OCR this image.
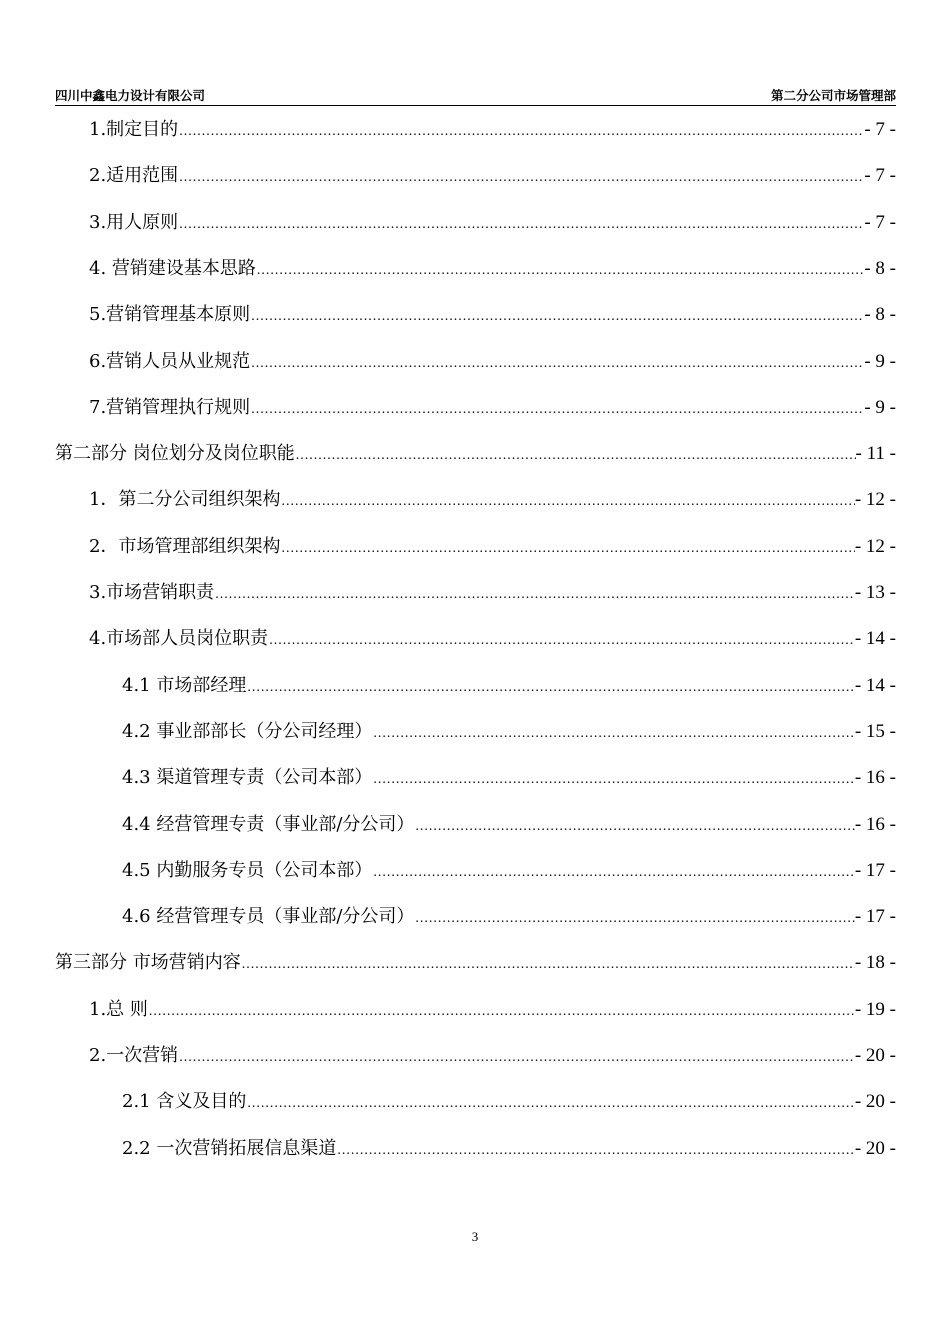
四川中鑫电力设计有限公司	第二分公司市场管理部
1.制定目的 .....	- 7 -
2.适用范围 .....	- 7 -
3.用人原则 .....	- 7 -
4. 营销建设基本思路 .....	- 8 -
5.营销管理基本原则 .....	- 8 -
6.营销人员从业规范 .....	- 9 -
7.营销管理执行规则 .....	- 9 -
第二部分 岗位划分及岗位职能 .....	- 11 -
1．第二分公司组织架构 .....	- 12 -
2．市场管理部组织架构 .....	- 12 -
3.市场营销职责 .....	- 13 -
4.市场部人员岗位职责 .....	- 14 -
4.1 市场部经理 .....	- 14 -
4.2 事业部部长（分公司经理） .....	- 15 -
4.3 渠道管理专责（公司本部） .....	- 16 -
4.4 经营管理专责（事业部/分公司） .....	- 16 -
4.5 内勤服务专员（公司本部） .....	- 17 -
4.6 经营管理专员（事业部/分公司） .....	- 17 -
第三部分 市场营销内容 .....	- 18 -
1.总 则 .....	- 19 -
2.一次营销 .....	- 20 -
2.1 含义及目的 .....	- 20 -
2.2 一次营销拓展信息渠道 .....	- 20 -
3
